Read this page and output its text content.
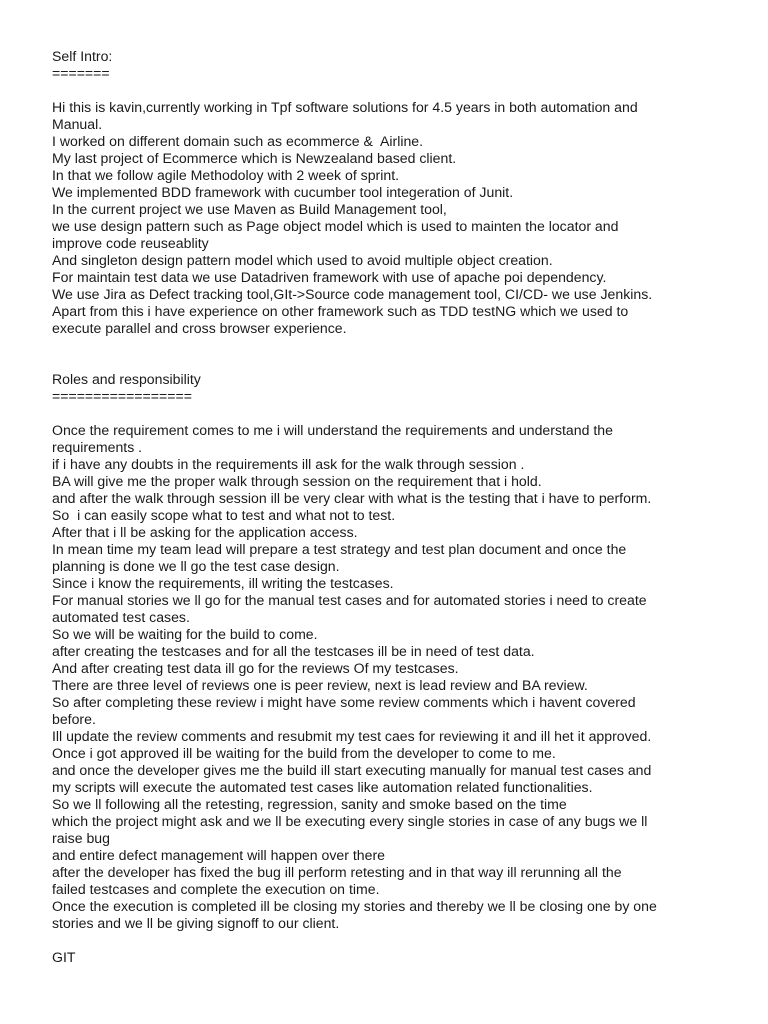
Self Intro:
=======
Hi this is kavin,currently working in Tpf software solutions for 4.5 years in both automation and
Manual.
I worked on different domain such as ecommerce &  Airline.
My last project of Ecommerce which is Newzealand based client.
In that we follow agile Methodoloy with 2 week of sprint.
We implemented BDD framework with cucumber tool integeration of Junit.
In the current project we use Maven as Build Management tool,
we use design pattern such as Page object model which is used to mainten the locator and
improve code reuseablity
And singleton design pattern model which used to avoid multiple object creation.
For maintain test data we use Datadriven framework with use of apache poi dependency.
We use Jira as Defect tracking tool,GIt->Source code management tool, CI/CD- we use Jenkins.
Apart from this i have experience on other framework such as TDD testNG which we used to
execute parallel and cross browser experience.
Roles and responsibility
=================
Once the requirement comes to me i will understand the requirements and understand the
requirements .
if i have any doubts in the requirements ill ask for the walk through session .
BA will give me the proper walk through session on the requirement that i hold.
and after the walk through session ill be very clear with what is the testing that i have to perform.
So  i can easily scope what to test and what not to test.
After that i ll be asking for the application access.
In mean time my team lead will prepare a test strategy and test plan document and once the
planning is done we ll go the test case design.
Since i know the requirements, ill writing the testcases.
For manual stories we ll go for the manual test cases and for automated stories i need to create
automated test cases.
So we will be waiting for the build to come.
after creating the testcases and for all the testcases ill be in need of test data.
And after creating test data ill go for the reviews Of my testcases.
There are three level of reviews one is peer review, next is lead review and BA review.
So after completing these review i might have some review comments which i havent covered
before.
Ill update the review comments and resubmit my test caes for reviewing it and ill het it approved.
Once i got approved ill be waiting for the build from the developer to come to me.
and once the developer gives me the build ill start executing manually for manual test cases and
my scripts will execute the automated test cases like automation related functionalities.
So we ll following all the retesting, regression, sanity and smoke based on the time
which the project might ask and we ll be executing every single stories in case of any bugs we ll
raise bug
and entire defect management will happen over there
after the developer has fixed the bug ill perform retesting and in that way ill rerunning all the
failed testcases and complete the execution on time.
Once the execution is completed ill be closing my stories and thereby we ll be closing one by one
stories and we ll be giving signoff to our client.
GIT
